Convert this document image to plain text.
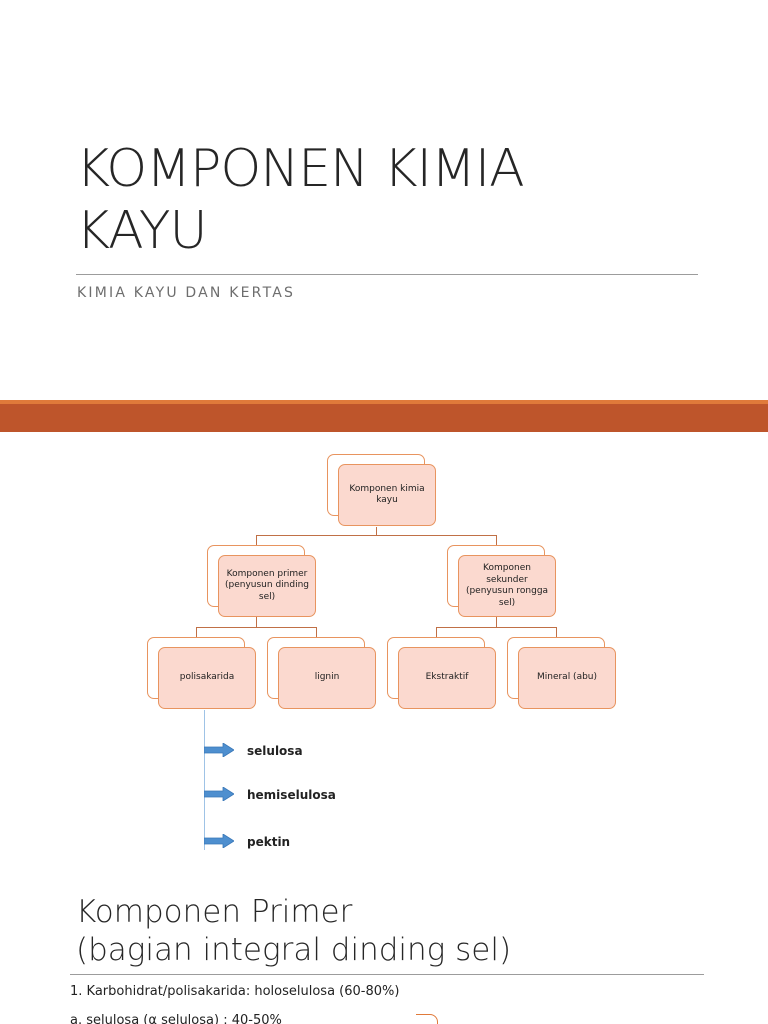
KOMPONEN KIMIA
KAYU
KIMIA KAYU DAN KERTAS
Komponen kimia kayu
Komponen primer (penyusun dinding sel)
Komponen sekunder (penyusun rongga sel)
polisakarida	lignin	Ekstraktif	Mineral (abu)
selulosa
hemiselulosa
pektin
Komponen Primer
(bagian integral dinding sel)
1. Karbohidrat/polisakarida: holoselulosa (60-80%)
a. selulosa (α selulosa) : 40-50%
